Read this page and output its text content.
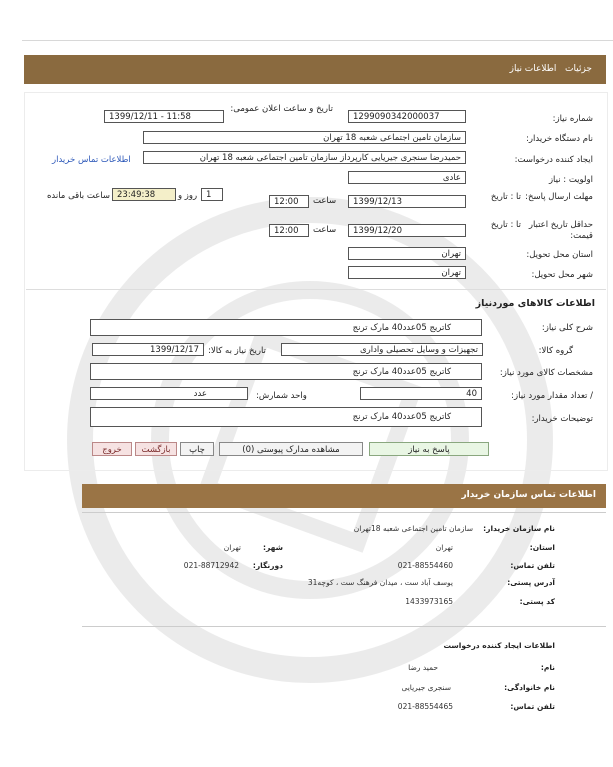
جزئیات   اطلاعات نیاز
شماره نیاز:
1299090342000037
تاریخ و ساعت اعلان عمومی:
1399/12/11 - 11:58
نام دستگاه خریدار:
سازمان تامین اجتماعی شعبه 18 تهران
ایجاد کننده درخواست:
حمیدرضا سنجری جیریایی کارپرداز سازمان تامین اجتماعی شعبه 18 تهران
اطلاعات تماس خریدار
اولویت : نیاز
عادی
مهلت ارسال پاسخ:
تا : تاریخ
1399/12/13
ساعت
12:00
1
روز و
23:49:38
ساعت باقی مانده
حداقل تاریخ اعتبار قیمت:
تا : تاریخ
1399/12/20
ساعت
12:00
استان محل تحویل:
تهران
شهر محل تحویل:
تهران
اطلاعات کالاهای موردنیاز
شرح کلی نیاز:
کاتریج 05عدد40 مارک ترنج
گروه کالا:
تجهیزات و وسایل تحصیلی واداری
تاریخ نیاز به کالا:
1399/12/17
مشخصات کالای مورد نیاز:
کاتریج 05عدد40 مارک ترنج
/ تعداد مقدار مورد نیاز:
40
واحد شمارش:
عدد
توضیحات خریدار:
کاتریج 05عدد40 مارک ترنج
پاسخ به نیاز
مشاهده مدارک پیوستی (0)
چاپ
بازگشت
خروج
اطلاعات تماس سازمان خریدار
نام سازمان خریدار:
سازمان تامین اجتماعی شعبه 18تهران
استان:
تهران
شهر:
تهران
تلفن تماس:
021-88554460
دورنگار:
021-88712942
آدرس پستی:
یوسف آباد ست ، میدان فرهنگ ست ، کوچه31
کد پستی:
1433973165
اطلاعات ایجاد کننده درخواست
نام:
حمید رضا
نام خانوادگی:
سنجری جیریایی
تلفن تماس:
021-88554465
